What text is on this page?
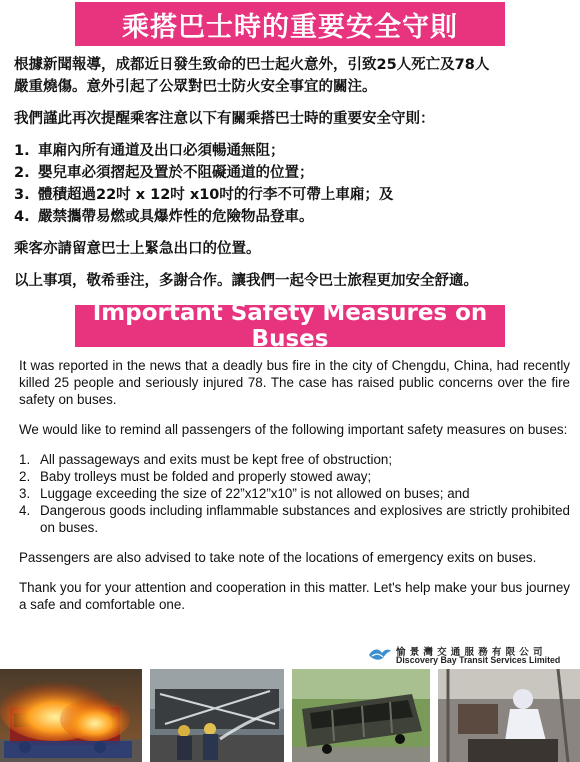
乘搭巴士時的重要安全守則

根據新聞報導，成都近日發生致命的巴士起火意外，引致25人死亡及78人

嚴重燒傷。意外引起了公眾對巴士防火安全事宜的關注。

我們謹此再次提醒乘客注意以下有關乘搭巴士時的重要安全守則：

1. 車廂內所有通道及出口必須暢通無阻；
2. 嬰兒車必須摺起及置於不阻礙通道的位置；
3. 體積超過22吋 x 12吋 x10吋的行李不可帶上車廂；及
4. 嚴禁攜帶易燃或具爆炸性的危險物品登車。

乘客亦請留意巴士上緊急出口的位置。

以上事項，敬希垂注，多謝合作。讓我們一起令巴士旅程更加安全舒適。

Important Safety Measures on Buses

It was reported in the news that a deadly bus fire in the city of Chengdu, China, had recently killed 25 people and seriously injured 78. The case has raised public concerns over the fire safety on buses.

We would like to remind all passengers of the following important safety measures on buses:

1. All passageways and exits must be kept free of obstruction;
2. Baby trolleys must be folded and properly stowed away;
3. Luggage exceeding the size of 22”x12”x10” is not allowed on buses; and
4. Dangerous goods including inflammable substances and explosives are strictly prohibited on buses.

Passengers are also advised to take note of the locations of emergency exits on buses.

Thank you for your attention and cooperation in this matter. Let's help make your bus journey a safe and comfortable one.

愉景灣交通服務有限公司
Discovery Bay Transit Services Limited
